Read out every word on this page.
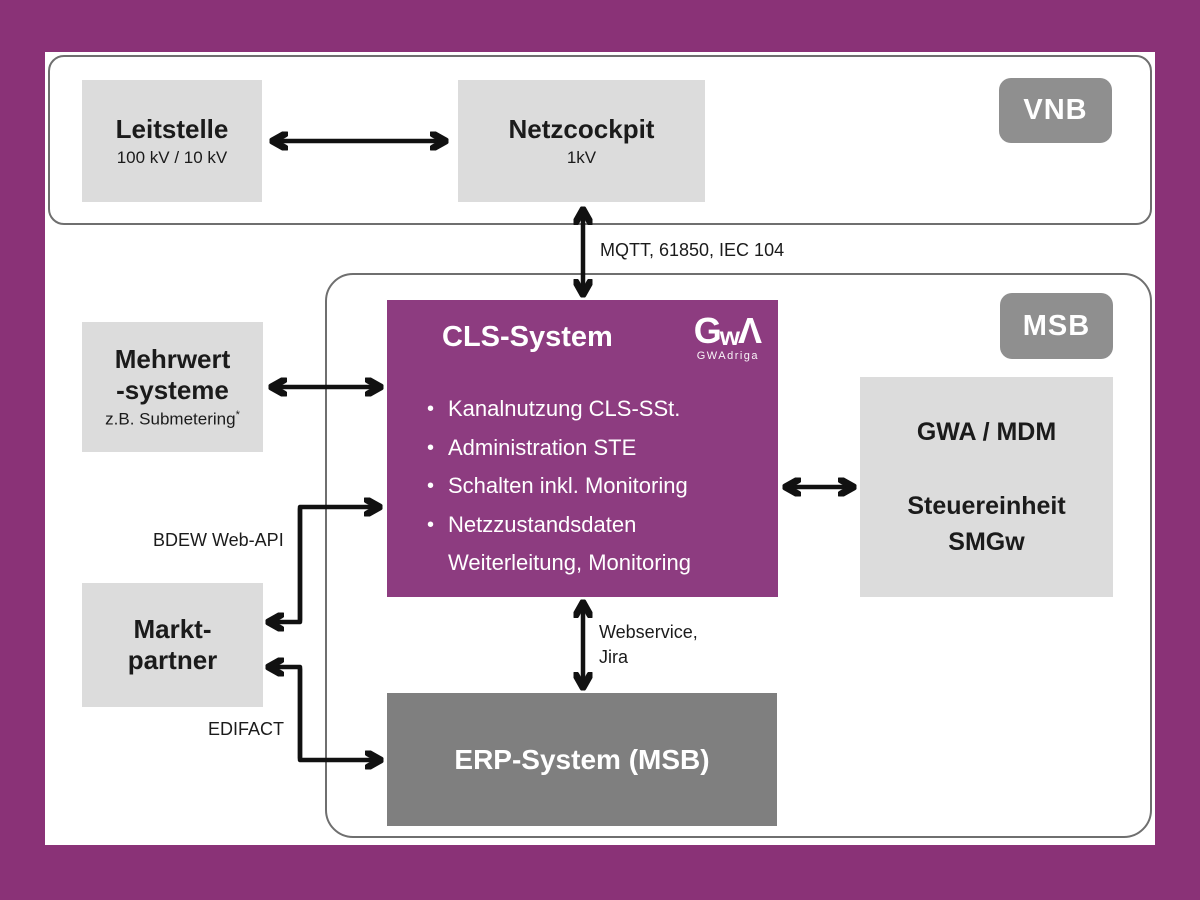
VNB
MSB
Leitstelle
100 kV / 10 kV
Netzcockpit
1kV
Mehrwert
-systeme
z.B. Submetering*
Markt-
partner
CLS-System G
w
Λ
GWAdriga
• Kanalnutzung CLS-SSt.
• Administration STE
• Schalten inkl. Monitoring
• Netzzustandsdaten
Weiterleitung, Monitoring
GWA / MDM
Steuereinheit
SMGw
ERP-System (MSB)
MQTT, 61850, IEC 104
Webservice,
Jira
BDEW Web-API
EDIFACT
